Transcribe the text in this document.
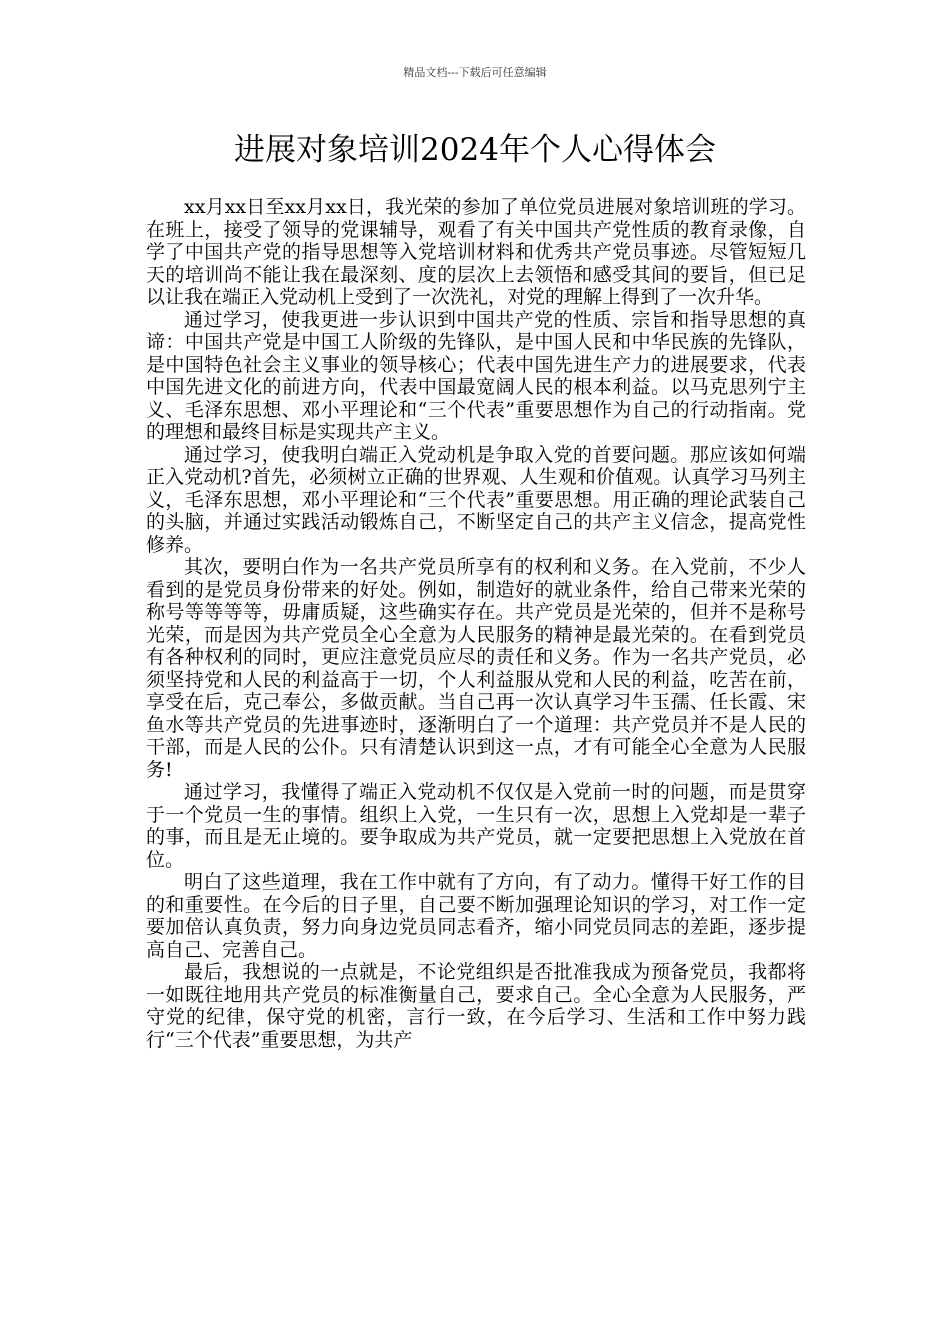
精品文档---下载后可任意编辑
进展对象培训2024年个人心得体会

xx月xx日至xx月xx日，我光荣的参加了单位党员进展对象培训班的学习。在班上，接受了领导的党课辅导，观看了有关中国共产党性质的教育录像，自学了中国共产党的指导思想等入党培训材料和优秀共产党员事迹。尽管短短几天的培训尚不能让我在最深刻、度的层次上去领悟和感受其间的要旨，但已足以让我在端正入党动机上受到了一次洗礼，对党的理解上得到了一次升华。

通过学习，使我更进一步认识到中国共产党的性质、宗旨和指导思想的真谛：中国共产党是中国工人阶级的先锋队，是中国人民和中华民族的先锋队，是中国特色社会主义事业的领导核心；代表中国先进生产力的进展要求，代表中国先进文化的前进方向，代表中国最宽阔人民的根本利益。以马克思列宁主义、毛泽东思想、邓小平理论和“三个代表”重要思想作为自己的行动指南。党的理想和最终目标是实现共产主义。

通过学习，使我明白端正入党动机是争取入党的首要问题。那应该如何端正入党动机?首先，必须树立正确的世界观、人生观和价值观。认真学习马列主义，毛泽东思想，邓小平理论和“三个代表”重要思想。用正确的理论武装自己的头脑，并通过实践活动锻炼自己，不断坚定自己的共产主义信念，提高党性修养。

其次，要明白作为一名共产党员所享有的权利和义务。在入党前，不少人看到的是党员身份带来的好处。例如，制造好的就业条件，给自己带来光荣的称号等等等等，毋庸质疑，这些确实存在。共产党员是光荣的，但并不是称号光荣，而是因为共产党员全心全意为人民服务的精神是最光荣的。在看到党员有各种权利的同时，更应注意党员应尽的责任和义务。作为一名共产党员，必须坚持党和人民的利益高于一切，个人利益服从党和人民的利益，吃苦在前，享受在后，克己奉公，多做贡献。当自己再一次认真学习牛玉孺、任长霞、宋鱼水等共产党员的先进事迹时，逐渐明白了一个道理：共产党员并不是人民的干部，而是人民的公仆。只有清楚认识到这一点，才有可能全心全意为人民服务!

通过学习，我懂得了端正入党动机不仅仅是入党前一时的问题，而是贯穿于一个党员一生的事情。组织上入党，一生只有一次，思想上入党却是一辈子的事，而且是无止境的。要争取成为共产党员，就一定要把思想上入党放在首位。

明白了这些道理，我在工作中就有了方向，有了动力。懂得干好工作的目的和重要性。在今后的日子里，自己要不断加强理论知识的学习，对工作一定要加倍认真负责，努力向身边党员同志看齐，缩小同党员同志的差距，逐步提高自己、完善自己。

最后，我想说的一点就是，不论党组织是否批准我成为预备党员，我都将一如既往地用共产党员的标准衡量自己，要求自己。全心全意为人民服务，严守党的纪律，保守党的机密，言行一致，在今后学习、生活和工作中努力践行“三个代表”重要思想，为共产
